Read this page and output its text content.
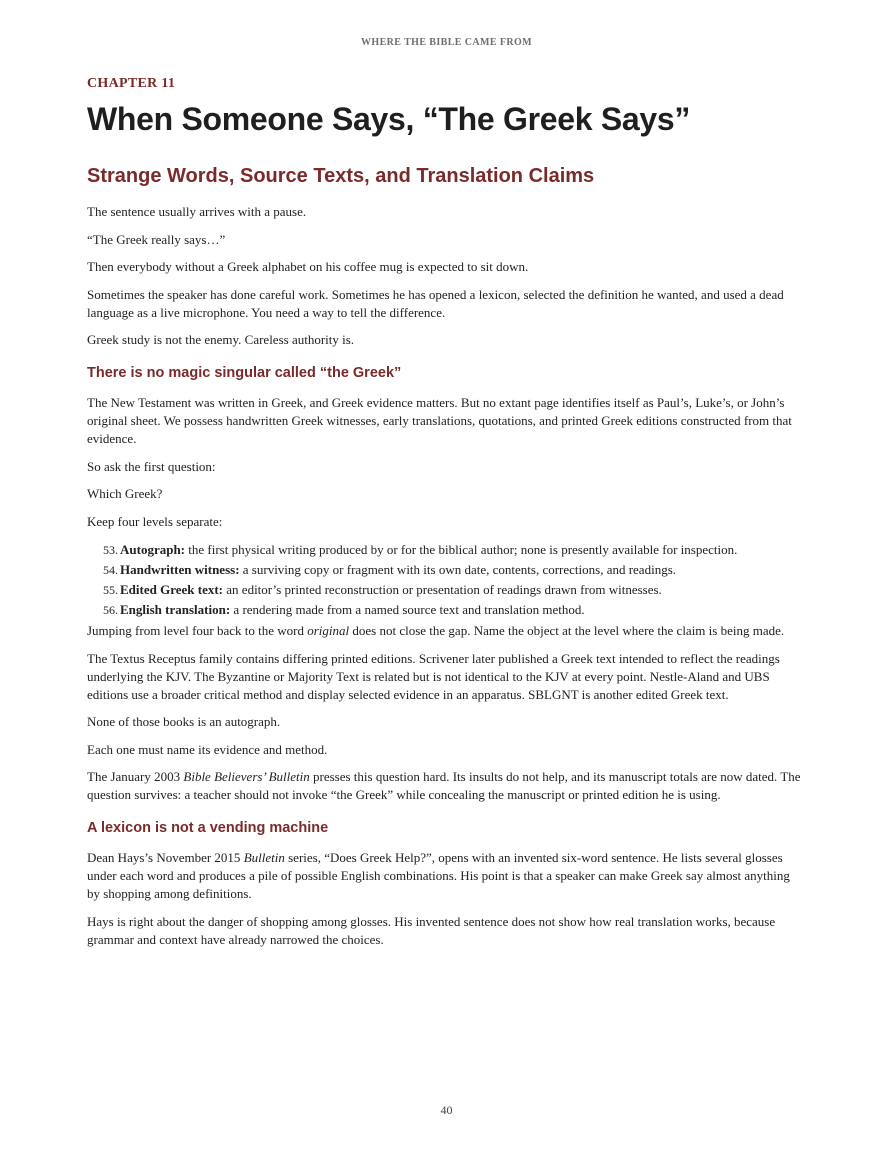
WHERE THE BIBLE CAME FROM
CHAPTER 11
When Someone Says, “The Greek Says”
Strange Words, Source Texts, and Translation Claims

The sentence usually arrives with a pause.

“The Greek really says…”

Then everybody without a Greek alphabet on his coffee mug is expected to sit down.

Sometimes the speaker has done careful work. Sometimes he has opened a lexicon, selected the definition he wanted, and used a dead language as a live microphone. You need a way to tell the difference.

Greek study is not the enemy. Careless authority is.

There is no magic singular called “the Greek”

The New Testament was written in Greek, and Greek evidence matters. But no extant page identifies itself as Paul’s, Luke’s, or John’s original sheet. We possess handwritten Greek witnesses, early translations, quotations, and printed Greek editions constructed from that evidence.

So ask the first question:

Which Greek?

Keep four levels separate:

53. Autograph: the first physical writing produced by or for the biblical author; none is presently available for inspection.
54. Handwritten witness: a surviving copy or fragment with its own date, contents, corrections, and readings.
55. Edited Greek text: an editor’s printed reconstruction or presentation of readings drawn from witnesses.
56. English translation: a rendering made from a named source text and translation method.

Jumping from level four back to the word original does not close the gap. Name the object at the level where the claim is being made.

The Textus Receptus family contains differing printed editions. Scrivener later published a Greek text intended to reflect the readings underlying the KJV. The Byzantine or Majority Text is related but is not identical to the KJV at every point. Nestle-Aland and UBS editions use a broader critical method and display selected evidence in an apparatus. SBLGNT is another edited Greek text.

None of those books is an autograph.

Each one must name its evidence and method.

The January 2003 Bible Believers’ Bulletin presses this question hard. Its insults do not help, and its manuscript totals are now dated. The question survives: a teacher should not invoke “the Greek” while concealing the manuscript or printed edition he is using.

A lexicon is not a vending machine

Dean Hays’s November 2015 Bulletin series, “Does Greek Help?”, opens with an invented six-word sentence. He lists several glosses under each word and produces a pile of possible English combinations. His point is that a speaker can make Greek say almost anything by shopping among definitions.

Hays is right about the danger of shopping among glosses. His invented sentence does not show how real translation works, because grammar and context have already narrowed the choices.

40
